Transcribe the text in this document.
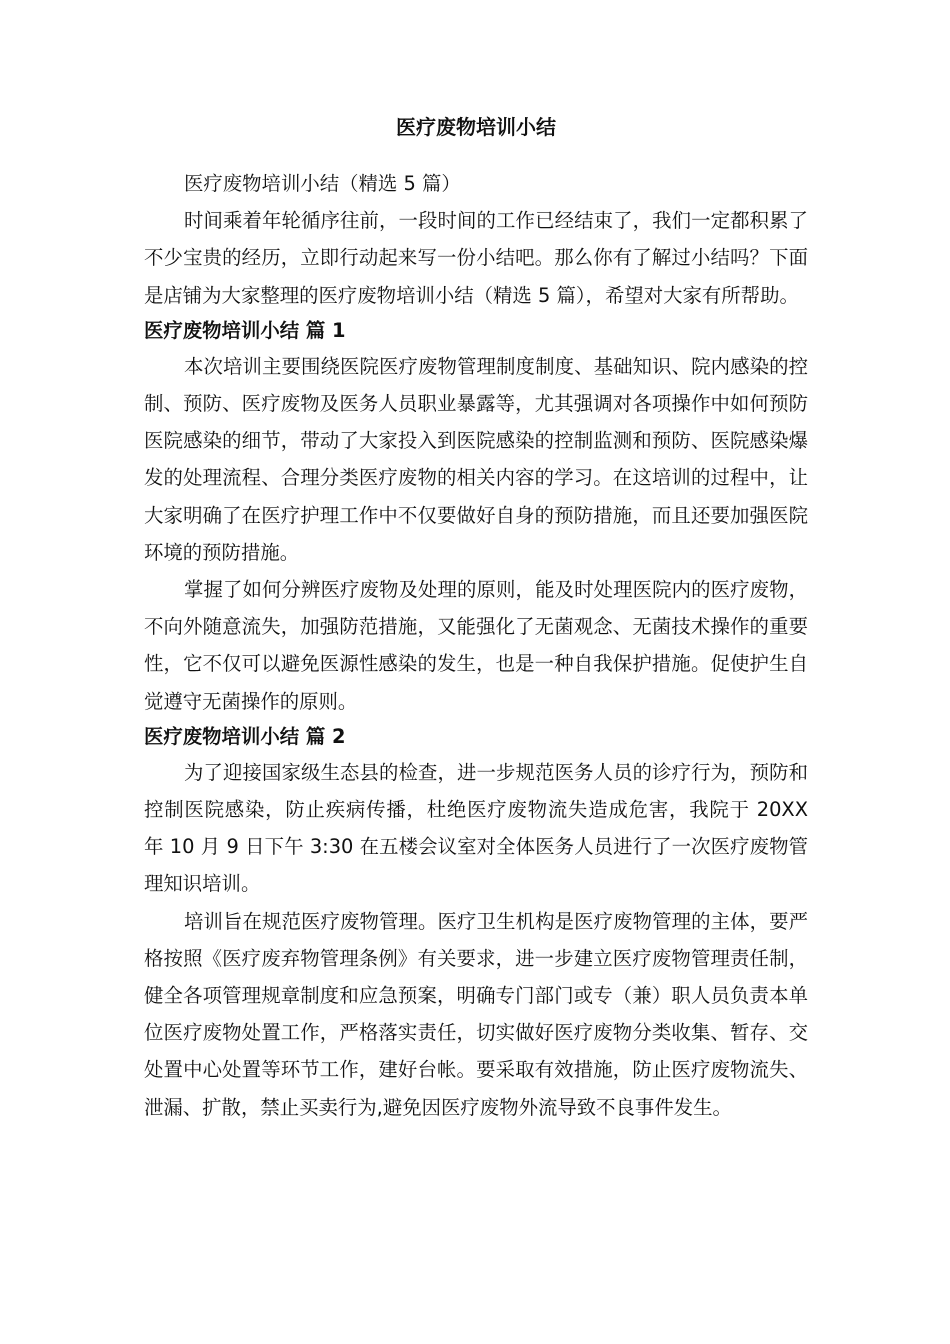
医疗废物培训小结

医疗废物培训小结（精选 5 篇）

时间乘着年轮循序往前，一段时间的工作已经结束了，我们一定都积累了不少宝贵的经历，立即行动起来写一份小结吧。那么你有了解过小结吗？下面是店铺为大家整理的医疗废物培训小结（精选 5 篇），希望对大家有所帮助。

医疗废物培训小结 篇 1

本次培训主要围绕医院医疗废物管理制度制度、基础知识、院内感染的控制、预防、医疗废物及医务人员职业暴露等，尤其强调对各项操作中如何预防医院感染的细节，带动了大家投入到医院感染的控制监测和预防、医院感染爆发的处理流程、合理分类医疗废物的相关内容的学习。在这培训的过程中，让大家明确了在医疗护理工作中不仅要做好自身的预防措施，而且还要加强医院环境的预防措施。

掌握了如何分辨医疗废物及处理的原则，能及时处理医院内的医疗废物，不向外随意流失，加强防范措施，又能强化了无菌观念、无菌技术操作的重要性，它不仅可以避免医源性感染的发生，也是一种自我保护措施。促使护生自觉遵守无菌操作的原则。

医疗废物培训小结 篇 2

为了迎接国家级生态县的检查，进一步规范医务人员的诊疗行为，预防和控制医院感染，防止疾病传播，杜绝医疗废物流失造成危害，我院于 20XX 年 10 月 9 日下午 3:30 在五楼会议室对全体医务人员进行了一次医疗废物管理知识培训。

培训旨在规范医疗废物管理。医疗卫生机构是医疗废物管理的主体，要严格按照《医疗废弃物管理条例》有关要求，进一步建立医疗废物管理责任制，健全各项管理规章制度和应急预案，明确专门部门或专（兼）职人员负责本单位医疗废物处置工作，严格落实责任，切实做好医疗废物分类收集、暂存、交处置中心处置等环节工作，建好台帐。要采取有效措施，防止医疗废物流失、泄漏、扩散，禁止买卖行为,避免因医疗废物外流导致不良事件发生。
